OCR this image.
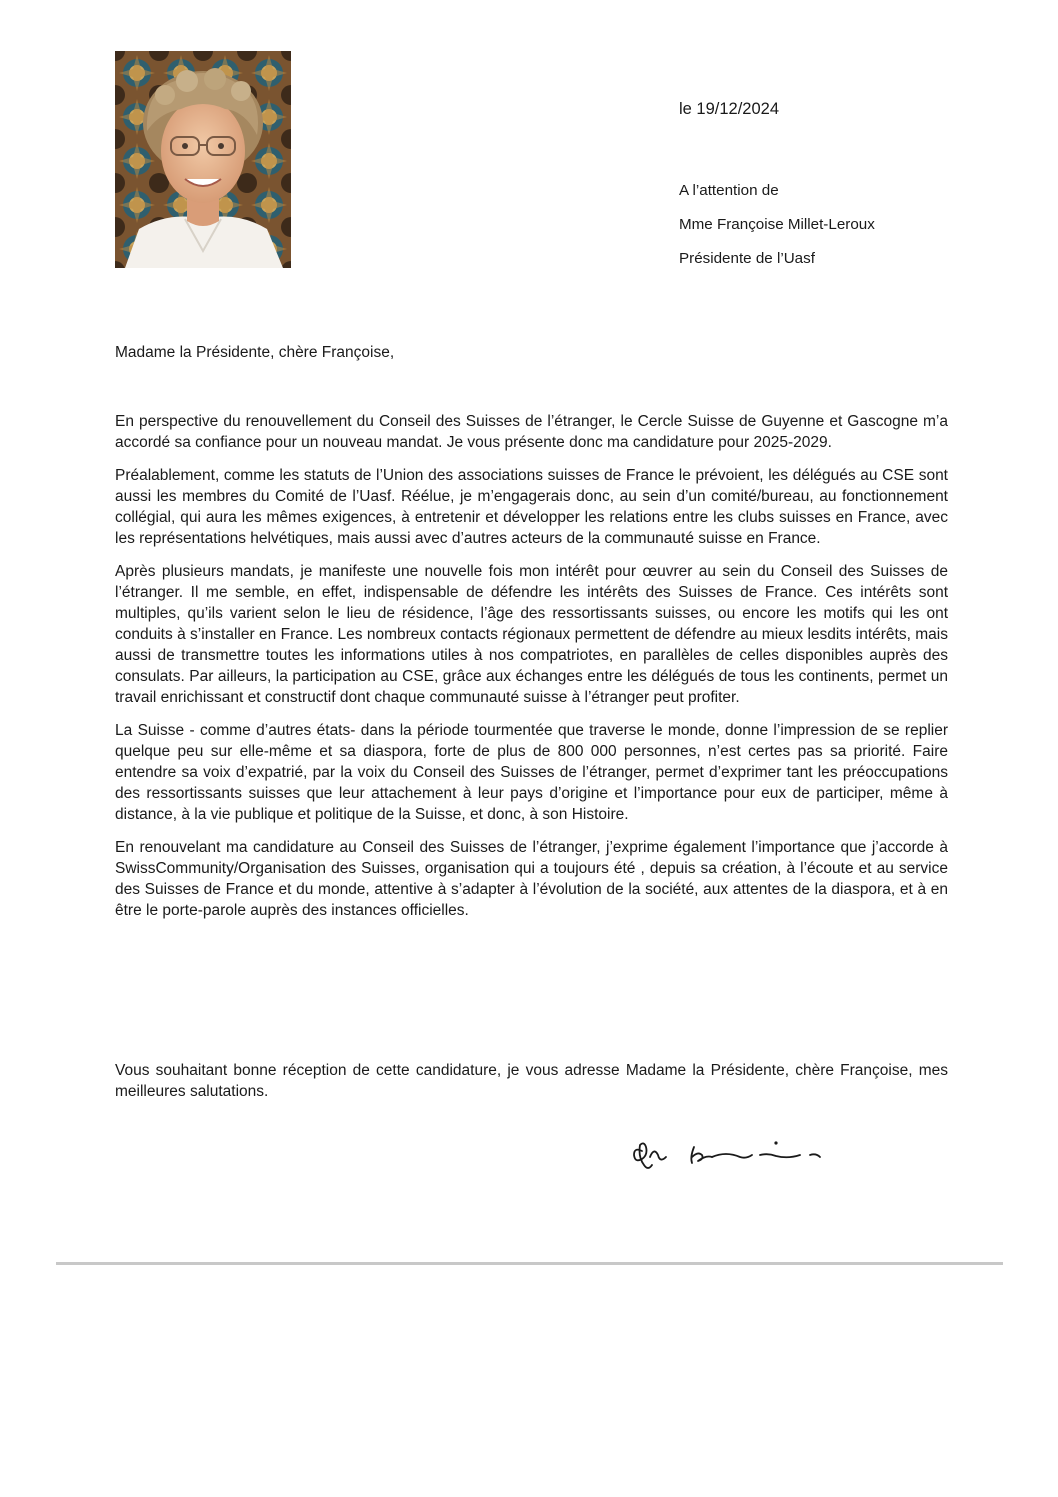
le 19/12/2024
A l’attention de
Mme Françoise Millet-Leroux
Présidente de l’Uasf
Madame la Présidente, chère Françoise,

En perspective du renouvellement du Conseil des Suisses de l’étranger, le Cercle Suisse de Guyenne et Gascogne m’a accordé sa confiance pour un nouveau mandat. Je vous présente donc ma candidature pour 2025-2029.

Préalablement, comme les statuts de l’Union des associations suisses de France le prévoient, les délégués au CSE sont aussi les membres du Comité de l’Uasf. Réélue, je m’engagerais donc, au sein d’un comité/bureau, au fonctionnement collégial, qui aura les mêmes exigences, à entretenir et développer les relations entre les clubs suisses en France, avec les représentations helvétiques, mais aussi avec d’autres acteurs de la communauté suisse en France.

Après plusieurs mandats, je manifeste une nouvelle fois mon intérêt pour œuvrer au sein du Conseil des Suisses de l’étranger. Il me semble, en effet, indispensable de défendre les intérêts des Suisses de France. Ces intérêts sont multiples, qu’ils varient selon le lieu de résidence, l’âge des ressortissants suisses, ou encore les motifs qui les ont conduits à s’installer en France. Les nombreux contacts régionaux permettent de défendre au mieux lesdits intérêts, mais aussi de transmettre toutes les informations utiles à nos compatriotes, en parallèles de celles disponibles auprès des consulats. Par ailleurs, la participation au CSE, grâce aux échanges entre les délégués de tous les continents, permet un travail enrichissant et constructif dont chaque communauté suisse à l’étranger peut profiter.

La Suisse - comme d’autres états- dans la période tourmentée que traverse le monde, donne l’impression de se replier quelque peu sur elle-même et sa diaspora, forte de plus de 800 000 personnes, n’est certes pas sa priorité. Faire entendre sa voix d’expatrié, par la voix du Conseil des Suisses de l’étranger, permet d’exprimer tant les préoccupations des ressortissants suisses que leur attachement à leur pays d’origine et l’importance pour eux de participer, même à distance, à la vie publique et politique de la Suisse, et donc, à son Histoire.

En renouvelant ma candidature au Conseil des Suisses de l’étranger, j’exprime également l’importance que j’accorde à SwissCommunity/Organisation des Suisses, organisation qui a toujours été , depuis sa création, à l’écoute et au service des Suisses de France et du monde, attentive à s’adapter à l’évolution de la société, aux attentes de la diaspora, et à en être le porte-parole auprès des instances officielles.

Vous souhaitant bonne réception de cette candidature, je vous adresse Madame la Présidente, chère Françoise, mes meilleures salutations.
